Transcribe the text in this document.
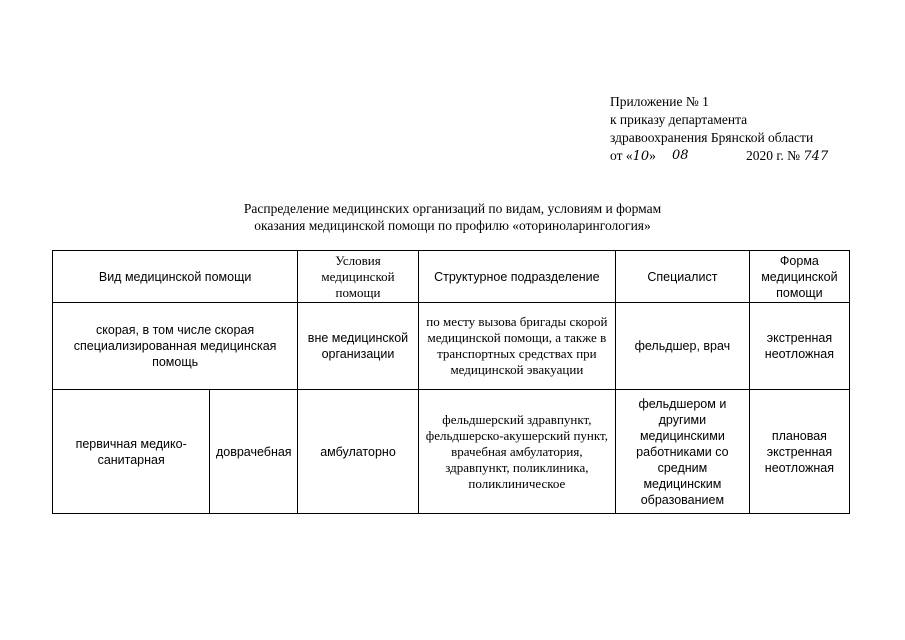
Приложение № 1
к приказу департамента
здравоохранения Брянской области
от «10» 08	2020 г. № 747
Распределение медицинских организаций по видам, условиям и формам
оказания медицинской помощи по профилю «оториноларингология»
Вид медицинской помощи		Условия медицинской помощи	Структурное подразделение	Специалист	Форма медицинской помощи
скорая, в том числе скорая специализированная медицинская помощь		вне медицинской организации	по месту вызова бригады скорой медицинской помощи, а также в транспортных средствах при медицинской эвакуации	фельдшер, врач	экстренная неотложная
первичная медико-санитарная	доврачебная	амбулаторно	фельдшерский здравпункт, фельдшерско-акушерский пункт, врачебная амбулатория, здравпункт, поликлиника, поликлиническое	фельдшером и другими медицинскими работниками со средним медицинским образованием	плановая экстренная неотложная
